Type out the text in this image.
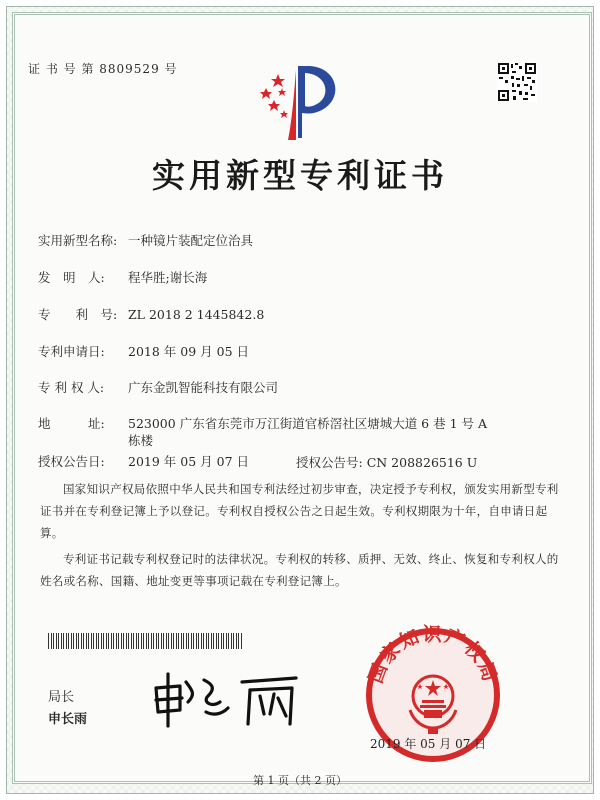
证 书 号 第 8809529 号
实用新型专利证书
实用新型名称: 一种镜片装配定位治具
发　明　人: 程华胜;谢长海
专　　利　号: ZL 2018 2 1445842.8
专利申请日: 2018 年 09 月 05 日
专 利 权 人: 广东金凯智能科技有限公司
地　　　址: 523000 广东省东莞市万江街道官桥滘社区塘城大道 6 巷 1 号 A 栋楼
授权公告日: 2019 年 05 月 07 日	授权公告号: CN 208826516 U
国家知识产权局依照中华人民共和国专利法经过初步审查，决定授予专利权，颁发实用新型专利证书并在专利登记簿上予以登记。专利权自授权公告之日起生效。专利权期限为十年，自申请日起算。
专利证书记载专利权登记时的法律状况。专利权的转移、质押、无效、终止、恢复和专利权人的姓名或名称、国籍、地址变更等事项记载在专利登记簿上。
局长
申长雨
国家知识产权局
2019 年 05 月 07 日
第 1 页（共 2 页）
